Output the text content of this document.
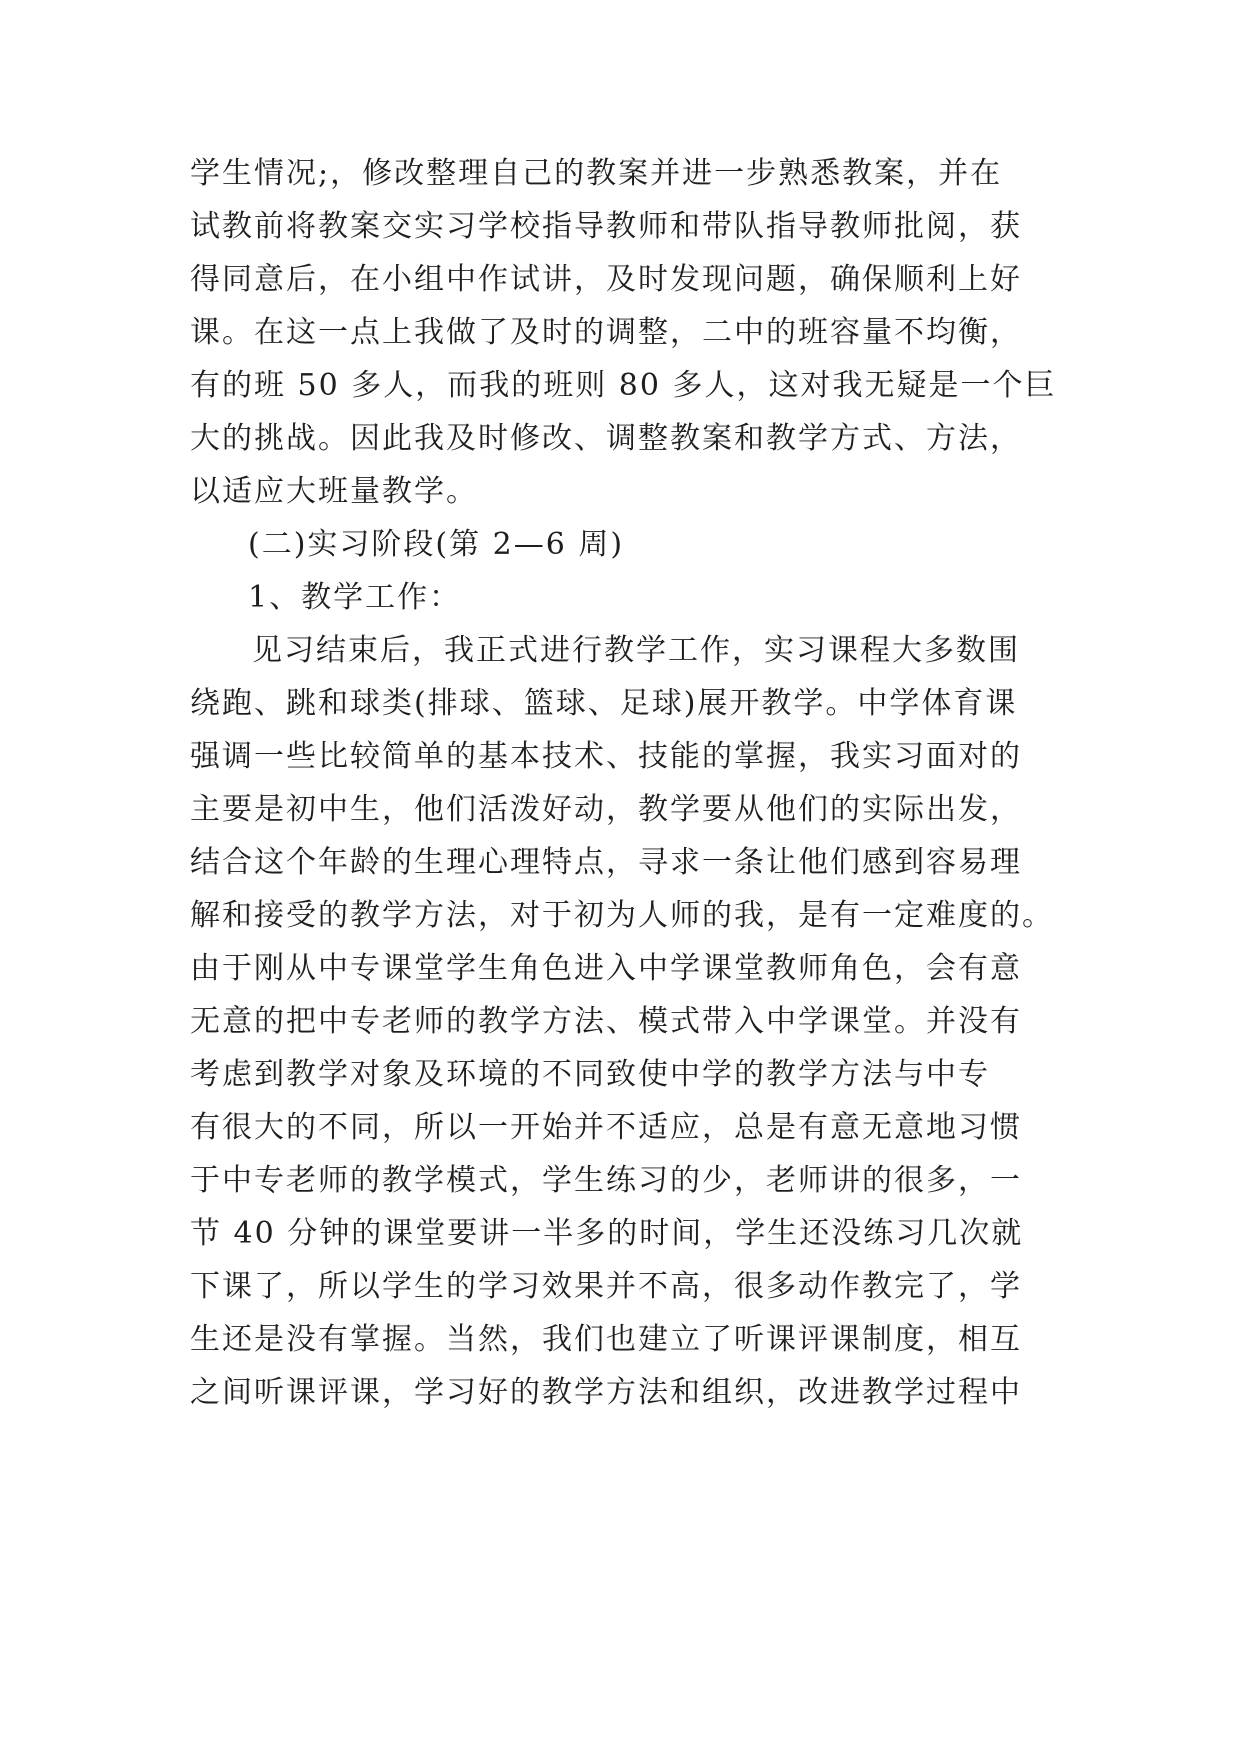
学生情况;，修改整理自己的教案并进一步熟悉教案，并在
试教前将教案交实习学校指导教师和带队指导教师批阅，获
得同意后，在小组中作试讲，及时发现问题，确保顺利上好
课。在这一点上我做了及时的调整，二中的班容量不均衡，
有的班 50 多人，而我的班则 80 多人，这对我无疑是一个巨
大的挑战。因此我及时修改、调整教案和教学方式、方法，
以适应大班量教学。
(二)实习阶段(第 2—6 周)
1、教学工作：
见习结束后，我正式进行教学工作，实习课程大多数围
绕跑、跳和球类(排球、篮球、足球)展开教学。中学体育课
强调一些比较简单的基本技术、技能的掌握，我实习面对的
主要是初中生，他们活泼好动，教学要从他们的实际出发，
结合这个年龄的生理心理特点，寻求一条让他们感到容易理
解和接受的教学方法，对于初为人师的我，是有一定难度的。
由于刚从中专课堂学生角色进入中学课堂教师角色，会有意
无意的把中专老师的教学方法、模式带入中学课堂。并没有
考虑到教学对象及环境的不同致使中学的教学方法与中专
有很大的不同，所以一开始并不适应，总是有意无意地习惯
于中专老师的教学模式，学生练习的少，老师讲的很多，一
节 40 分钟的课堂要讲一半多的时间，学生还没练习几次就
下课了，所以学生的学习效果并不高，很多动作教完了，学
生还是没有掌握。当然，我们也建立了听课评课制度，相互
之间听课评课，学习好的教学方法和组织，改进教学过程中
